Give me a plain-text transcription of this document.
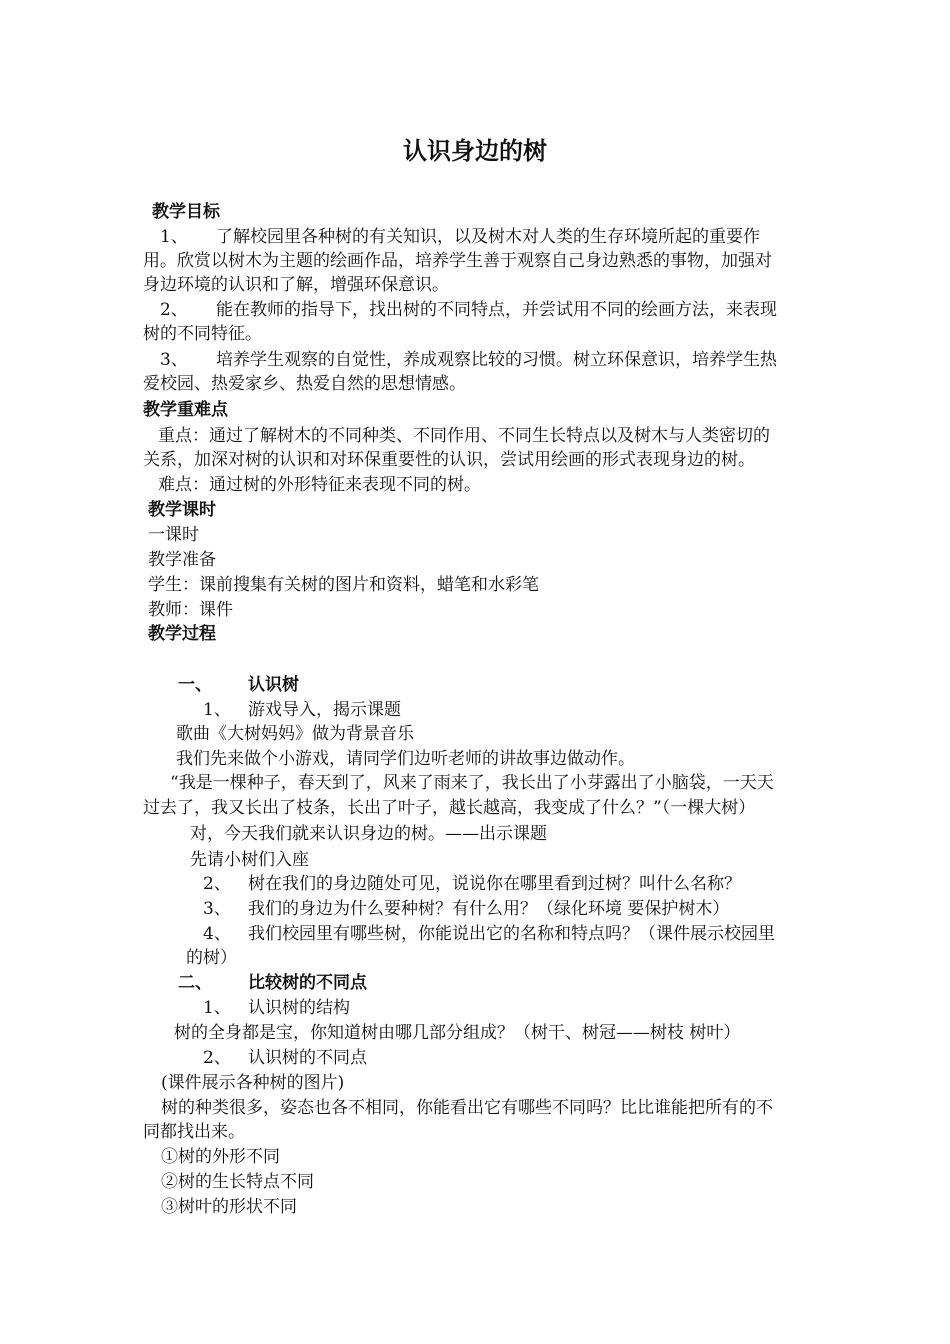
认识身边的树
教学目标
1、 了解校园里各种树的有关知识，以及树木对人类的生存环境所起的重要作
用。欣赏以树木为主题的绘画作品，培养学生善于观察自己身边熟悉的事物，加强对
身边环境的认识和了解，增强环保意识。
2、 能在教师的指导下，找出树的不同特点，并尝试用不同的绘画方法，来表现
树的不同特征。
3、 培养学生观察的自觉性，养成观察比较的习惯。树立环保意识，培养学生热
爱校园、热爱家乡、热爱自然的思想情感。
教学重难点
重点：通过了解树木的不同种类、不同作用、不同生长特点以及树木与人类密切的
关系，加深对树的认识和对环保重要性的认识，尝试用绘画的形式表现身边的树。
难点：通过树的外形特征来表现不同的树。
教学课时
一课时
教学准备
学生：课前搜集有关树的图片和资料，蜡笔和水彩笔
教师：课件
教学过程
一、 认识树
1、 游戏导入，揭示课题
歌曲《大树妈妈》做为背景音乐
我们先来做个小游戏，请同学们边听老师的讲故事边做动作。
“我是一棵种子，春天到了，风来了雨来了，我长出了小芽露出了小脑袋，一天天
过去了，我又长出了枝条，长出了叶子，越长越高，我变成了什么？”（一棵大树）
对，今天我们就来认识身边的树。——出示课题
先请小树们入座
2、 树在我们的身边随处可见，说说你在哪里看到过树？叫什么名称？
3、 我们的身边为什么要种树？有什么用？（绿化环境 要保护树木）
4、 我们校园里有哪些树，你能说出它的名称和特点吗？（课件展示校园里
的树）
二、 比较树的不同点
1、 认识树的结构
树的全身都是宝，你知道树由哪几部分组成？（树干、树冠——树枝 树叶）
2、 认识树的不同点
(课件展示各种树的图片)
树的种类很多，姿态也各不相同，你能看出它有哪些不同吗？比比谁能把所有的不
同都找出来。
①树的外形不同
②树的生长特点不同
③树叶的形状不同
